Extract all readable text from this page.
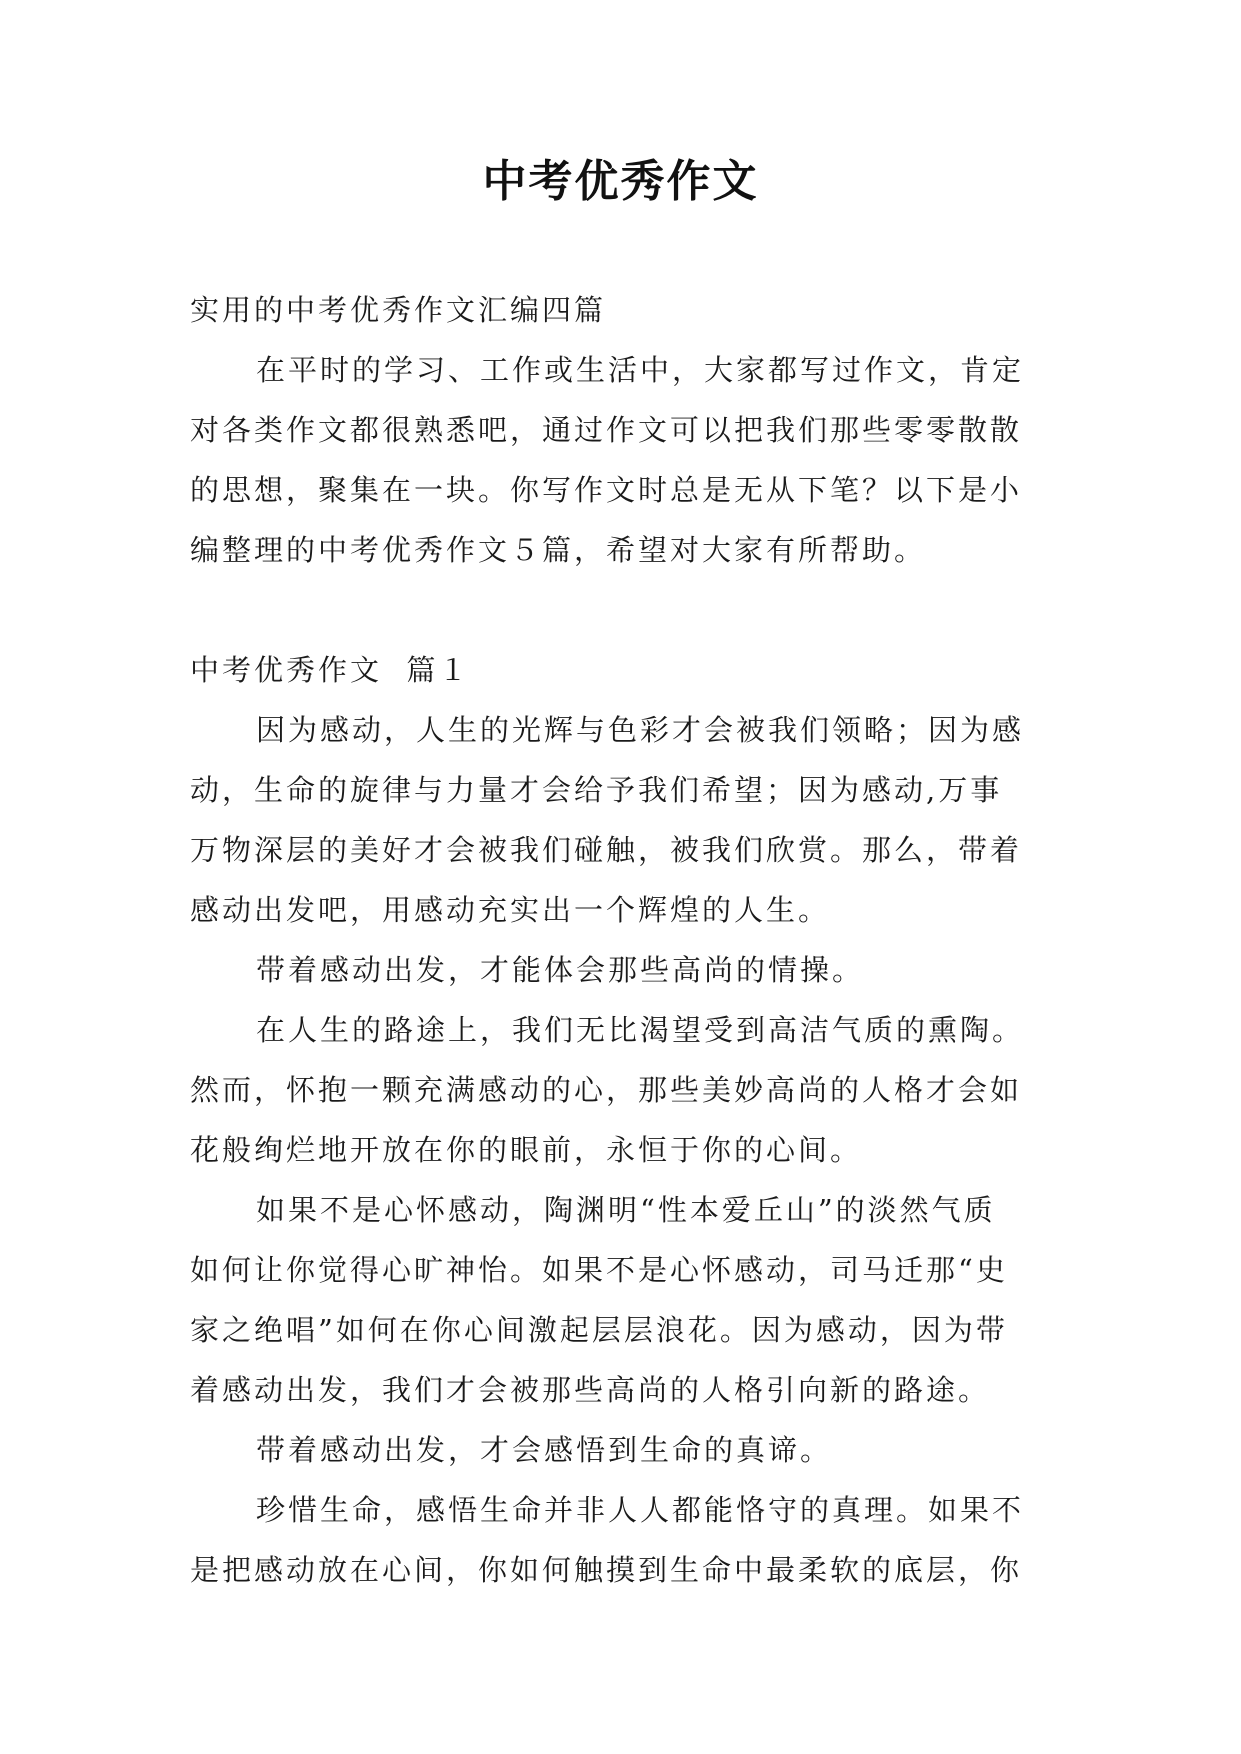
中考优秀作文
实用的中考优秀作文汇编四篇
在平时的学习、工作或生活中，大家都写过作文，肯定
对各类作文都很熟悉吧，通过作文可以把我们那些零零散散
的思想，聚集在一块。你写作文时总是无从下笔？以下是小
编整理的中考优秀作文５篇，希望对大家有所帮助。
中考优秀作文  篇１
因为感动，人生的光辉与色彩才会被我们领略；因为感
动，生命的旋律与力量才会给予我们希望；因为感动,万事
万物深层的美好才会被我们碰触，被我们欣赏。那么，带着
感动出发吧，用感动充实出一个辉煌的人生。
带着感动出发，才能体会那些高尚的情操。
在人生的路途上，我们无比渴望受到高洁气质的熏陶。
然而，怀抱一颗充满感动的心，那些美妙高尚的人格才会如
花般绚烂地开放在你的眼前，永恒于你的心间。
如果不是心怀感动，陶渊明“性本爱丘山”的淡然气质
如何让你觉得心旷神怡。如果不是心怀感动，司马迁那“史
家之绝唱”如何在你心间激起层层浪花。因为感动，因为带
着感动出发，我们才会被那些高尚的人格引向新的路途。
带着感动出发，才会感悟到生命的真谛。
珍惜生命，感悟生命并非人人都能恪守的真理。如果不
是把感动放在心间，你如何触摸到生命中最柔软的底层，你
